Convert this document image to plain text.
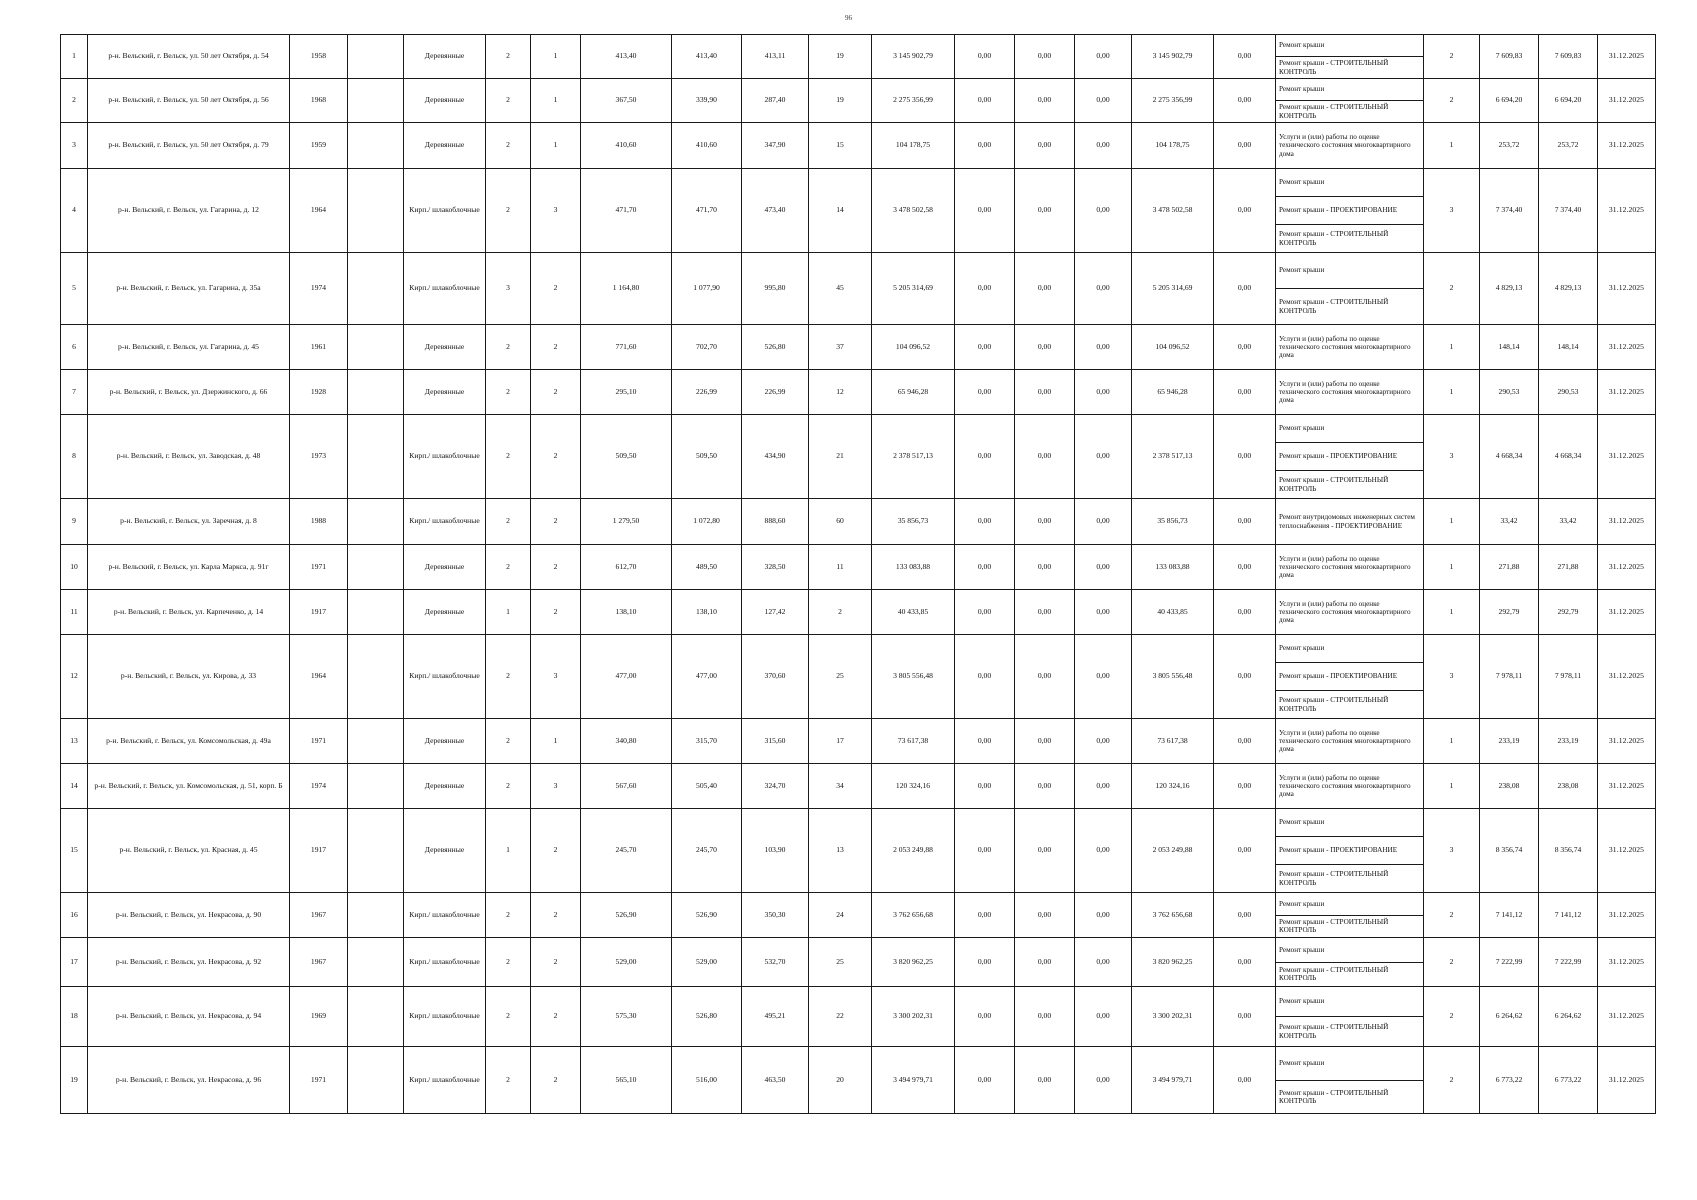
96
1	р-н. Вельский, г. Вельск, ул. 50 лет Октября, д. 54	1958		Деревянные	2	1	413,40	413,40	413,11	19	3 145 902,79	0,00	0,00	0,00	3 145 902,79	0,00	Ремонт крыши
Ремонт крыши - СТРОИТЕЛЬНЫЙ КОНТРОЛЬ	2	7 609,83	7 609,83	31.12.2025
2	р-н. Вельский, г. Вельск, ул. 50 лет Октября, д. 56	1968		Деревянные	2	1	367,50	339,90	287,40	19	2 275 356,99	0,00	0,00	0,00	2 275 356,99	0,00	Ремонт крыши
Ремонт крыши - СТРОИТЕЛЬНЫЙ КОНТРОЛЬ	2	6 694,20	6 694,20	31.12.2025
3	р-н. Вельский, г. Вельск, ул. 50 лет Октября, д. 79	1959		Деревянные	2	1	410,60	410,60	347,90	15	104 178,75	0,00	0,00	0,00	104 178,75	0,00	Услуги и (или) работы по оценке технического состояния многоквартирного дома	1	253,72	253,72	31.12.2025
4	р-н. Вельский, г. Вельск, ул. Гагарина, д. 12	1964		Кирп./ шлакоблочные	2	3	471,70	471,70	473,40	14	3 478 502,58	0,00	0,00	0,00	3 478 502,58	0,00	Ремонт крыши
Ремонт крыши - ПРОЕКТИРОВАНИЕ
Ремонт крыши - СТРОИТЕЛЬНЫЙ КОНТРОЛЬ	3	7 374,40	7 374,40	31.12.2025
5	р-н. Вельский, г. Вельск, ул. Гагарина, д. 35а	1974		Кирп./ шлакоблочные	3	2	1 164,80	1 077,90	995,80	45	5 205 314,69	0,00	0,00	0,00	5 205 314,69	0,00	Ремонт крыши
Ремонт крыши - СТРОИТЕЛЬНЫЙ КОНТРОЛЬ	2	4 829,13	4 829,13	31.12.2025
6	р-н. Вельский, г. Вельск, ул. Гагарина, д. 45	1961		Деревянные	2	2	771,60	702,70	526,80	37	104 096,52	0,00	0,00	0,00	104 096,52	0,00	Услуги и (или) работы по оценке технического состояния многоквартирного дома	1	148,14	148,14	31.12.2025
7	р-н. Вельский, г. Вельск, ул. Дзержинского, д. 66	1928		Деревянные	2	2	295,10	226,99	226,99	12	65 946,28	0,00	0,00	0,00	65 946,28	0,00	Услуги и (или) работы по оценке технического состояния многоквартирного дома	1	290,53	290,53	31.12.2025
8	р-н. Вельский, г. Вельск, ул. Заводская, д. 48	1973		Кирп./ шлакоблочные	2	2	509,50	509,50	434,90	21	2 378 517,13	0,00	0,00	0,00	2 378 517,13	0,00	Ремонт крыши
Ремонт крыши - ПРОЕКТИРОВАНИЕ
Ремонт крыши - СТРОИТЕЛЬНЫЙ КОНТРОЛЬ	3	4 668,34	4 668,34	31.12.2025
9	р-н. Вельский, г. Вельск, ул. Заречная, д. 8	1988		Кирп./ шлакоблочные	2	2	1 279,50	1 072,80	888,60	60	35 856,73	0,00	0,00	0,00	35 856,73	0,00	Ремонт внутридомовых инженерных систем теплоснабжения - ПРОЕКТИРОВАНИЕ	1	33,42	33,42	31.12.2025
10	р-н. Вельский, г. Вельск, ул. Карла Маркса, д. 91г	1971		Деревянные	2	2	612,70	489,50	328,50	11	133 083,88	0,00	0,00	0,00	133 083,88	0,00	Услуги и (или) работы по оценке технического состояния многоквартирного дома	1	271,88	271,88	31.12.2025
11	р-н. Вельский, г. Вельск, ул. Карпеченко, д. 14	1917		Деревянные	1	2	138,10	138,10	127,42	2	40 433,85	0,00	0,00	0,00	40 433,85	0,00	Услуги и (или) работы по оценке технического состояния многоквартирного дома	1	292,79	292,79	31.12.2025
12	р-н. Вельский, г. Вельск, ул. Кирова, д. 33	1964		Кирп./ шлакоблочные	2	3	477,00	477,00	370,60	25	3 805 556,48	0,00	0,00	0,00	3 805 556,48	0,00	Ремонт крыши
Ремонт крыши - ПРОЕКТИРОВАНИЕ
Ремонт крыши - СТРОИТЕЛЬНЫЙ КОНТРОЛЬ	3	7 978,11	7 978,11	31.12.2025
13	р-н. Вельский, г. Вельск, ул. Комсомольская, д. 49а	1971		Деревянные	2	1	340,80	315,70	315,60	17	73 617,38	0,00	0,00	0,00	73 617,38	0,00	Услуги и (или) работы по оценке технического состояния многоквартирного дома	1	233,19	233,19	31.12.2025
14	р-н. Вельский, г. Вельск, ул. Комсомольская, д. 51, корп. Б	1974		Деревянные	2	3	567,60	505,40	324,70	34	120 324,16	0,00	0,00	0,00	120 324,16	0,00	Услуги и (или) работы по оценке технического состояния многоквартирного дома	1	238,08	238,08	31.12.2025
15	р-н. Вельский, г. Вельск, ул. Красная, д. 45	1917		Деревянные	1	2	245,70	245,70	103,90	13	2 053 249,88	0,00	0,00	0,00	2 053 249,88	0,00	Ремонт крыши
Ремонт крыши - ПРОЕКТИРОВАНИЕ
Ремонт крыши - СТРОИТЕЛЬНЫЙ КОНТРОЛЬ	3	8 356,74	8 356,74	31.12.2025
16	р-н. Вельский, г. Вельск, ул. Некрасова, д. 90	1967		Кирп./ шлакоблочные	2	2	526,90	526,90	350,30	24	3 762 656,68	0,00	0,00	0,00	3 762 656,68	0,00	Ремонт крыши
Ремонт крыши - СТРОИТЕЛЬНЫЙ КОНТРОЛЬ	2	7 141,12	7 141,12	31.12.2025
17	р-н. Вельский, г. Вельск, ул. Некрасова, д. 92	1967		Кирп./ шлакоблочные	2	2	529,00	529,00	532,70	25	3 820 962,25	0,00	0,00	0,00	3 820 962,25	0,00	Ремонт крыши
Ремонт крыши - СТРОИТЕЛЬНЫЙ КОНТРОЛЬ	2	7 222,99	7 222,99	31.12.2025
18	р-н. Вельский, г. Вельск, ул. Некрасова, д. 94	1969		Кирп./ шлакоблочные	2	2	575,30	526,80	495,21	22	3 300 202,31	0,00	0,00	0,00	3 300 202,31	0,00	Ремонт крыши
Ремонт крыши - СТРОИТЕЛЬНЫЙ КОНТРОЛЬ	2	6 264,62	6 264,62	31.12.2025
19	р-н. Вельский, г. Вельск, ул. Некрасова, д. 96	1971		Кирп./ шлакоблочные	2	2	565,10	516,00	463,50	20	3 494 979,71	0,00	0,00	0,00	3 494 979,71	0,00	Ремонт крыши
Ремонт крыши - СТРОИТЕЛЬНЫЙ КОНТРОЛЬ	2	6 773,22	6 773,22	31.12.2025
